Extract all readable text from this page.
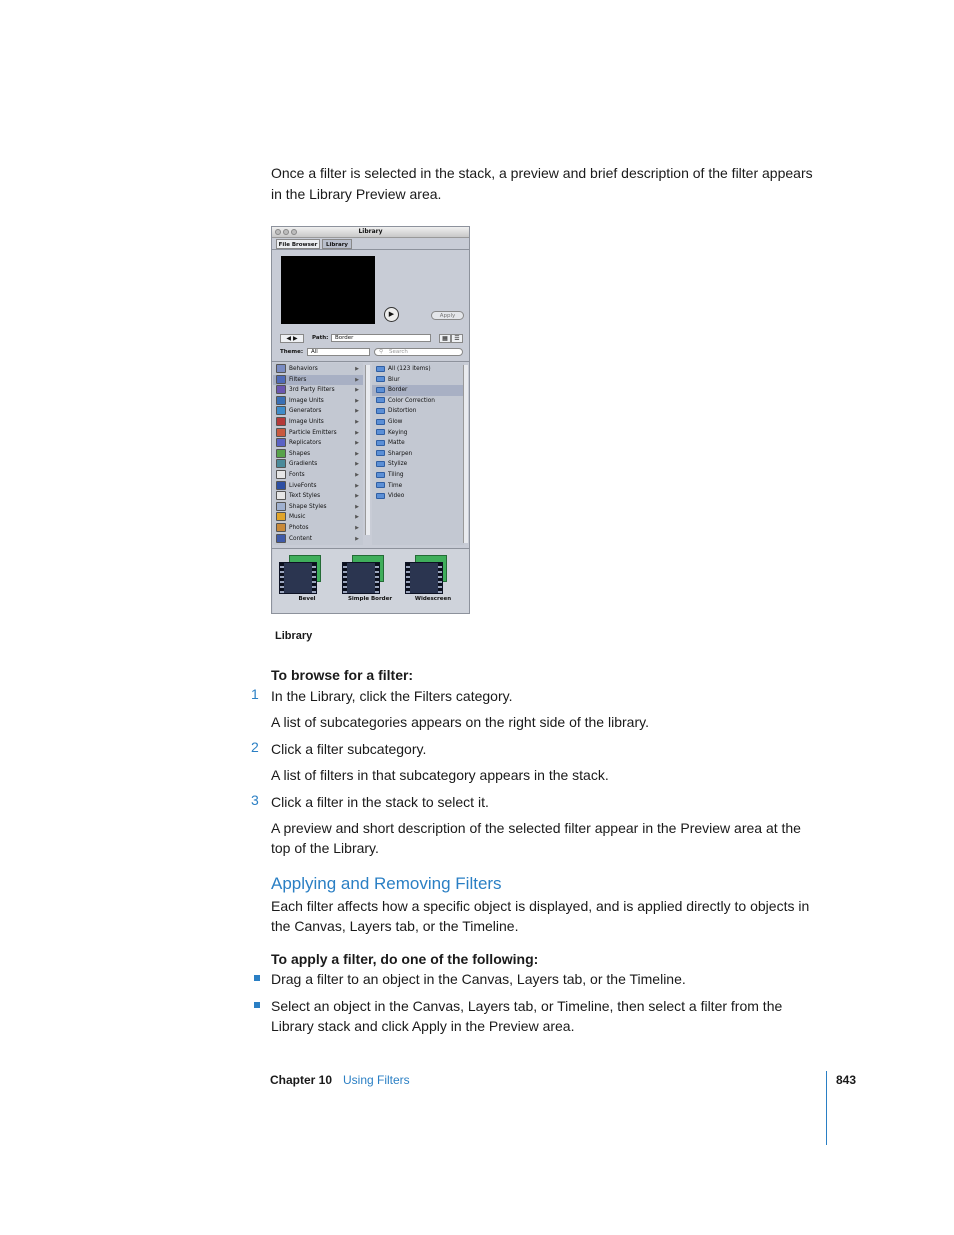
Once a filter is selected in the stack, a preview and brief description of the filter appears
in the Library Preview area.
Library
File Browser	Library
▶	Apply
◀ ▶	Path:	Border	▦	☰
Theme:	All	⚲ Search
Behaviors	▶
Filters	▶
3rd Party Filters	▶
Image Units	▶
Generators	▶
Image Units	▶
Particle Emitters	▶
Replicators	▶
Shapes	▶
Gradients	▶
Fonts	▶
LiveFonts	▶
Text Styles	▶
Shape Styles	▶
Music	▶
Photos	▶
Content	▶
All (123 items)
Blur
Border
Color Correction
Distortion
Glow
Keying
Matte
Sharpen
Stylize
Tiling
Time
Video
Bevel	Simple Border	Widescreen
Library
To browse for a filter:
1 In the Library, click the Filters category.
A list of subcategories appears on the right side of the library.
2 Click a filter subcategory.
A list of filters in that subcategory appears in the stack.
3 Click a filter in the stack to select it.
A preview and short description of the selected filter appear in the Preview area at the
top of the Library.
Applying and Removing Filters
Each filter affects how a specific object is displayed, and is applied directly to objects in
the Canvas, Layers tab, or the Timeline.
To apply a filter, do one of the following:
Drag a filter to an object in the Canvas, Layers tab, or the Timeline.
Select an object in the Canvas, Layers tab, or Timeline, then select a filter from the
Library stack and click Apply in the Preview area.
Chapter 10 Using Filters	843
